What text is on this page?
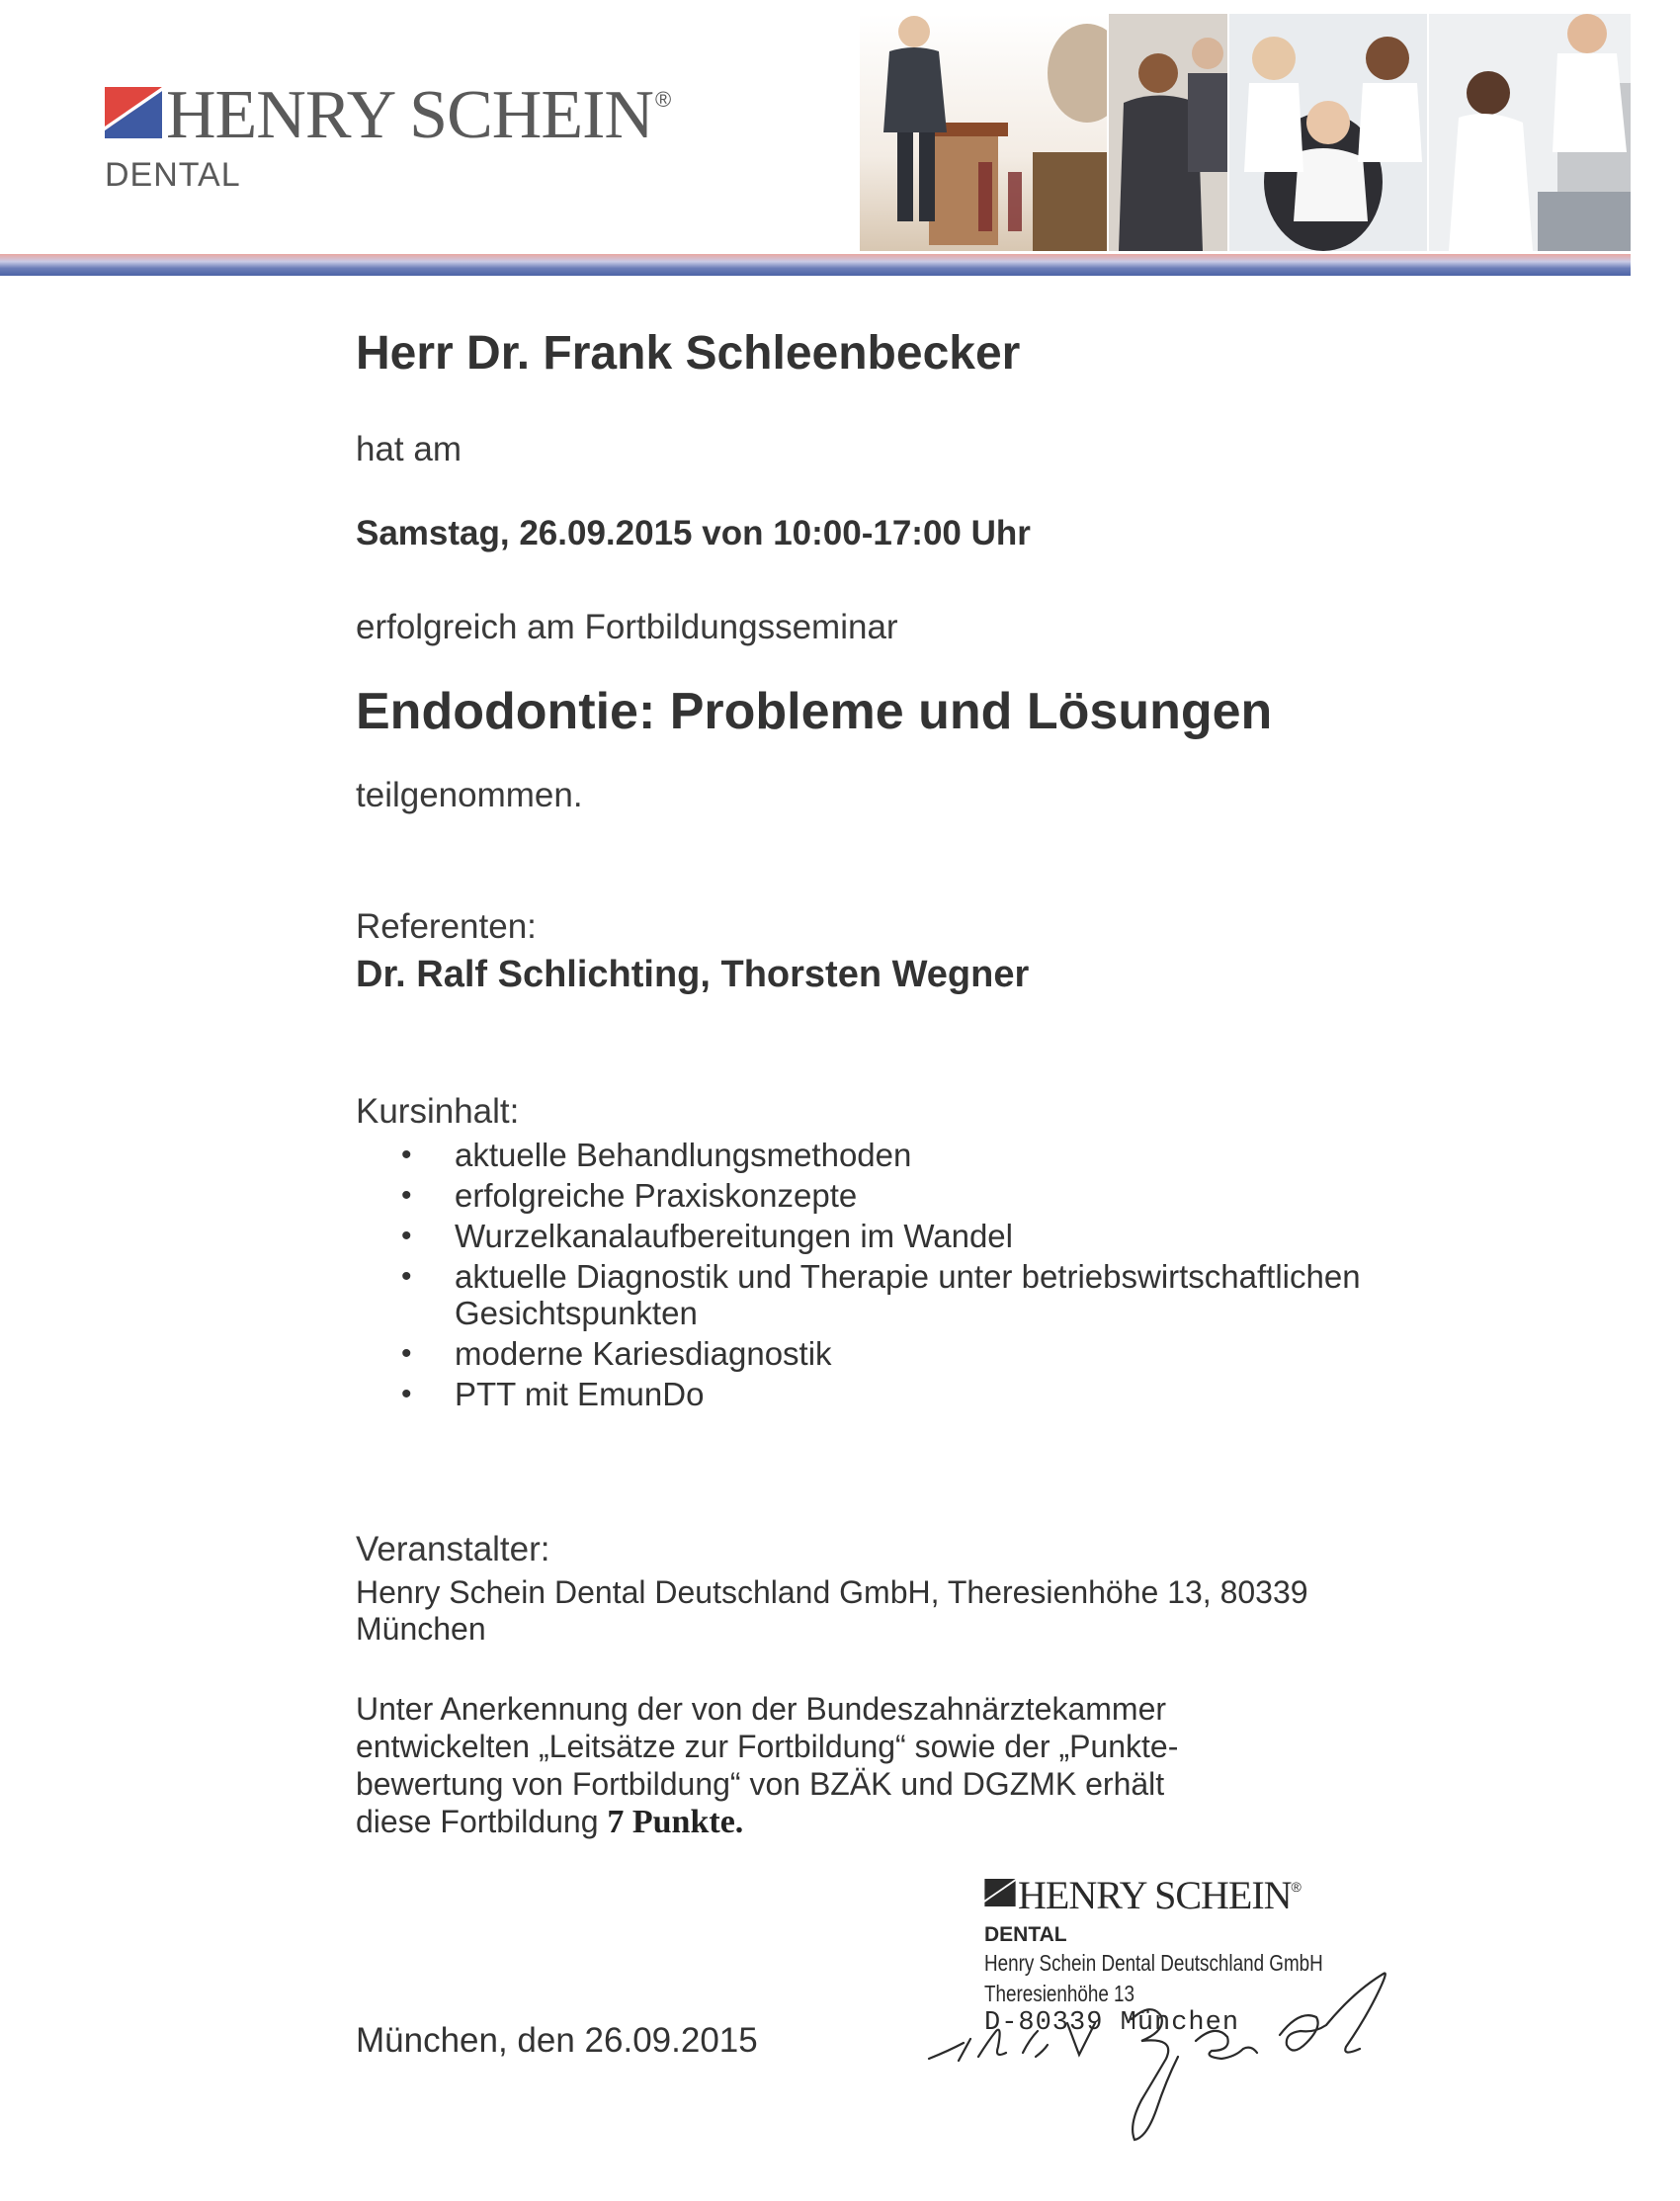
HENRY SCHEIN®
DENTAL
Herr Dr. Frank Schleenbecker
hat am
Samstag, 26.09.2015 von 10:00-17:00 Uhr
erfolgreich am Fortbildungsseminar
Endodontie: Probleme und Lösungen
teilgenommen.
Referenten:
Dr. Ralf Schlichting, Thorsten Wegner
Kursinhalt:
• aktuelle Behandlungsmethoden
• erfolgreiche Praxiskonzepte
• Wurzelkanalaufbereitungen im Wandel
• aktuelle Diagnostik und Therapie unter betriebswirtschaftlichen Gesichtspunkten
• moderne Kariesdiagnostik
• PTT mit EmunDo
Veranstalter:
Henry Schein Dental Deutschland GmbH, Theresienhöhe 13, 80339 München
Unter Anerkennung der von der Bundeszahnärztekammer entwickelten „Leitsätze zur Fortbildung“ sowie der „Punkte-bewertung von Fortbildung“ von BZÄK und DGZMK erhält diese Fortbildung 7 Punkte.
München, den 26.09.2015
HENRY SCHEIN®
DENTAL
Henry Schein Dental Deutschland GmbH
Theresienhöhe 13
D-80339 München
